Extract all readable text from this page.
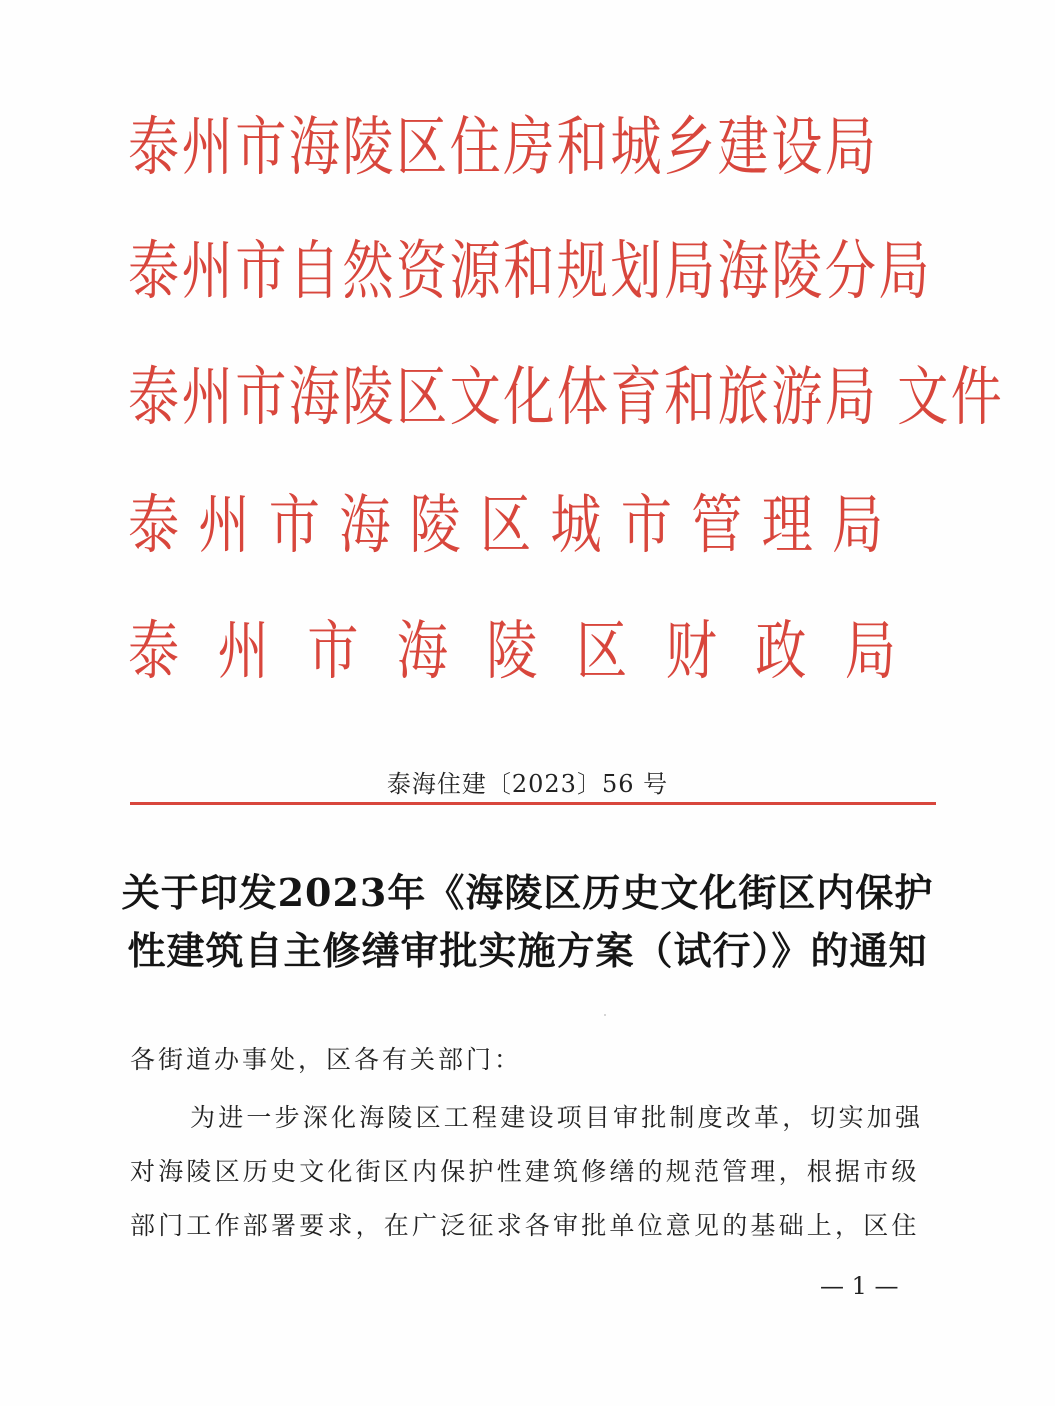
泰州市海陵区住房和城乡建设局
泰州市自然资源和规划局海陵分局
泰州市海陵区文化体育和旅游局 文件
泰州市海陵区城市管理局
泰州市海陵区财政局
泰海住建〔2023〕56 号
关于印发2023年《海陵区历史文化街区内保护
性建筑自主修缮审批实施方案（试行）》的通知
各街道办事处，区各有关部门：
为进一步深化海陵区工程建设项目审批制度改革，切实加强
对海陵区历史文化街区内保护性建筑修缮的规范管理，根据市级
部门工作部署要求，在广泛征求各审批单位意见的基础上，区住
— 1 —
